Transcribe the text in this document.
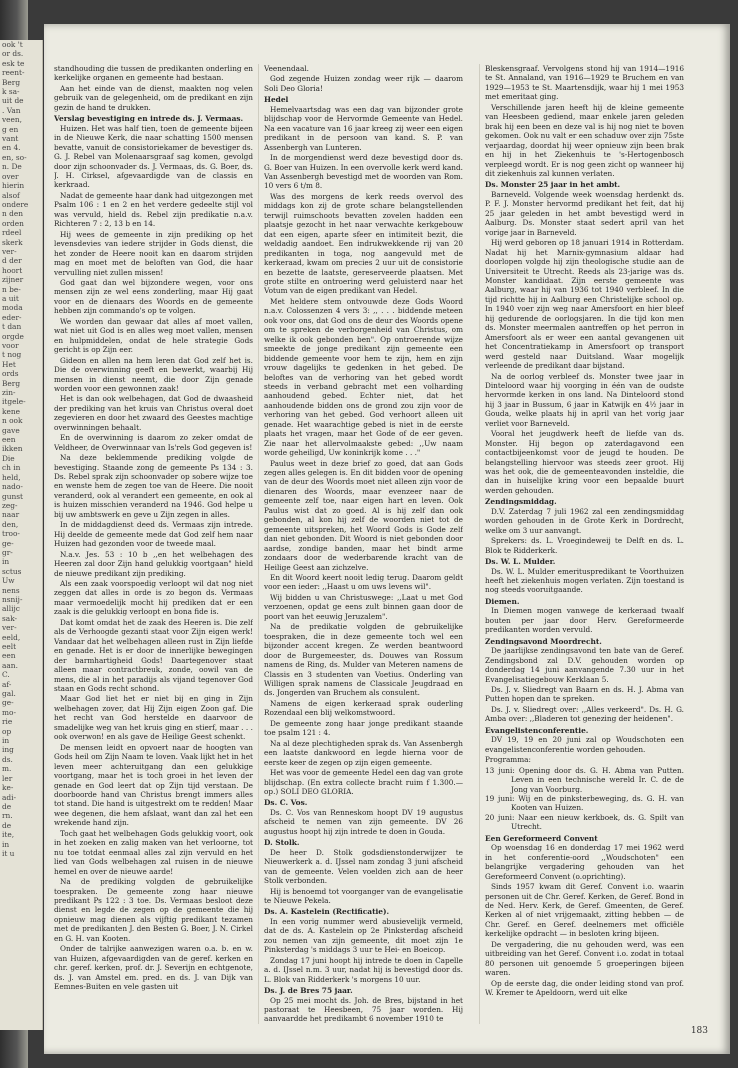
ook 't
or ds.
esk te
reent-
Berg
k sa-
uit de
. Van
veen,
g en
vant
en 4.
en, so-
n. De
over
hierin
alsof
ondere
n den
orden
rdeel
skerk
ver-
d der
hoort
zijner
n be-
a uit
moda
eder-
t dan
orgde
voor
t nog
Het
ords
Berg
zin-
itgele-
kene
n ook
gave
een
ikken
Die
ch in
held,
nado-
gunst
zeg-
naar
den,
troo-
ge-
gr-
in
sctus
Uw
nens
nsnij-
allijc
sak-
ver-
eeld,
eelt
een
aan.
C.
af-
gal.
ge-
mo-
rie
op
in
ing
ds.
m.
ler
ke-
adi-
de
rn.
de
ite,
in
it u

standhouding die tussen de predikanten onderling en kerkelijke organen en gemeente had bestaan.

Aan het einde van de dienst, maakten nog velen gebruik van de gelegenheid, om de predikant en zijn gezin de hand te drukken.

Verslag bevestiging en intrede ds. J. Vermaas.

Huizen. Het was half tien, toen de gemeente bijeen in de Nieuwe Kerk, die naar schatting 1500 mensen bevatte, vanuit de consistoriekamer de bevestiger ds. G. J. Rebel van Molenaarsgraaf sag komen, gevolgd door zijn schoonvader ds. J. Vermaas, ds. G. Boer, ds. J. H. Cirksel, afgevaardigde van de classis en kerkraad.

Nadat de gemeente haar dank had uitgezongen met Psalm 106 : 1 en 2 en het verdere gedeelte stijl vol was vervuld, hield ds. Rebel zijn predikatie n.a.v. Richteren 7 : 2, 13 b en 14.

Hij wees de gemeente in zijn prediking op het levensdevies van iedere strijder in Gods dienst, die het zonder de Heere nooit kan en daarom strijden mag en moet met de beloften van God, die haar vervulling niet zullen missen!

God gaat dan wel bijzondere wegen, voor ons mensen zijn ze wel eens zonderling, maar Hij gaat voor en de dienaars des Woords en de gemeente hebben zijn commando's op te volgen.

We worden dan gewaar dat alles af moet vallen, wat niet uit God is en alles weg moet vallen, mensen en hulpmiddelen, ondat de hele strategie Gods gericht is op Zijn eer.

Gideon en allen na hem leren dat God zelf het is. Die de overwinning geeft en bewerkt, waarbij Hij mensen in dienst neemt, die door Zijn genade worden voor een gewonnen zaak!

Het is dan ook welbehagen, dat God de dwaasheid der prediking van het kruis van Christus overal doet zegevieren en door het zwaard des Geestes machtige overwinningen behaalt.

En de overwinning is daarom zo zeker omdat de Veldheer, de Overwinnaar van Is'rels God gegeven is!

Na deze beklemmende prediking volgde de bevestiging. Staande zong de gemeente Ps 134 : 3. Ds. Rebel sprak zijn schoonvader op sobere wijze toe en wenste hem de zegen toe van de Heere. Die nooit veranderd, ook al verandert een gemeente, en ook al is huizen misschien veranderd na 1946. God helpe u bij uw ambtswerk en geve u Zijn zegen in alles.

In de middagdienst deed ds. Vermaas zijn intrede. Hij deelde de gemeente mede dat God zelf hem naar Huizen had gezonden voor de tweede maal.

N.a.v. Jes. 53 : 10 b ,,en het welbehagen des Heeren zal door Zijn hand gelukkig voortgaan" hield de nieuwe predikant zijn prediking.

Als een zaak voorspoedig verloopt wil dat nog niet zeggen dat alles in orde is zo begon ds. Vermaas maar vermoedelijk mocht hij prediken dat er een zaak is die gelukkig verloopt en bona fide is.

Dat komt omdat het de zaak des Heeren is. Die zelf als de Verhoogde gezanti staat voor Zijn eigen werk! Vandaar dat het welbehagen alleen rust in Zijn liefde en genade. Het is er door de innerlijke bewegingen der barmhartigheid Gods! Daartegenover staat alleen maar contractbreuk, zonde, oowil van de mens, die al in het paradijs als vijand tegenover God staan en Gods recht schond.

Maar God liet het er niet bij en ging in Zijn welbehagen zover, dat Hij Zijn eigen Zoon gaf. Die het recht van God herstelde en daarvoor de smadelijke weg van het kruis ging en stierf, maar . . . ook overwon! en als gave de Heilige Geest schenkt.

De mensen leidt en opvoert naar de hoogten van Gods heil om Zijn Naam te loven. Vaak lijkt het in het leven meer achteruitgang dan een gelukkige voortgang, maar het is toch groei in het leven der genade en God leert dat op Zijn tijd verstaan. De doorboorde hand van Christus brengt immers alles tot stand. Die hand is uitgestrekt om te redden! Maar wee degenen, die hem afslaat, want dan zal het een wrekende hand zijn.

Toch gaat het welbehagen Gods gelukkig voort, ook in het zoeken en zalig maken van het verloorne, tot nu toe totdat eenmaal alles zal zijn vervuld en het lied van Gods welbehagen zal ruisen in de nieuwe hemel en over de nieuwe aarde!

Na de prediking volgden de gebruikelijke toespraken. De gemeente zong haar nieuwe predikant Ps 122 : 3 toe. Ds. Vermaas besloot deze dienst en legde de zegen op de gemeente die hij opnieuw mag dienen als vijftig predikant tezamen met de predikanten J. den Besten G. Boer, J. N. Cirkel en G. H. van Kooten.

Onder de talrijke aanwezigen waren o.a. b. en w. van Huizen, afgevaardigden van de geref. kerken en chr. geref. kerken, prof. dr. J. Severijn en echtgenote, ds. J. van Amstel em. pred. en ds. J. van Dijk van Eemnes-Buiten en vele gasten uit

Veenendaal.

God zegende Huizen zondag weer rijk — daarom Soli Deo Gloria!

Hedel

Hemelvaartsdag was een dag van bijzonder grote blijdschap voor de Hervormde Gemeente van Hedel. Na een vacature van 16 jaar kreeg zij weer een eigen predikant in de persoon van kand. S. P. van Assenbergh van Lunteren.

In de morgendienst werd deze bevestigd door ds. G. Boer van Huizen. In een overvolle kerk werd kand. Van Assenbergh bevestigd met de woorden van Rom. 10 vers 6 t/m 8.

Was des morgens de kerk reeds overvol des middags kon zij de grote schare belangstellenden terwijl ruimschoots bevatten zovelen hadden een plaatsje gezocht in het naar verwachte kerkgebouw dat een eigen, aparte sfeer en intimiteit bezit, die weldadig aandoet. Een indrukwekkende rij van 20 predikanten in toga, nog aangevuld met de kerkeraad, kwam om precies 2 uur uit de consistorie en bezette de laatste, gereserveerde plaatsen. Met grote stilte en ontroering werd geluisterd naar het Votum van de eigen predikant van Hedel.

Met heldere stem ontvouwde deze Gods Woord n.a.v. Colossenzen 4 vers 3: ,, . . . biddende meteen ook voor ons, dat God ons de deur des Woords opene om te spreken de verborgenheid van Christus, om welke ik ook gebonden ben". Op ontroerende wijze smeekte de jonge predikant zijn gemeente een biddende gemeente voor hem te zijn, hem en zijn vrouw dagelijks te gedenken in het gebed. De beloftes van de verhoring van het gebed wordt steeds in verband gebracht met een volharding aanhoudend gebed. Echter niet, dat het aanhoudende bidden ons de grond zou zijn voor de verhoring van het gebed. God verhoort alleen uit genade. Het waarachtige gebed is niet in de eerste plaats het vragen, maar het Gode of de eer geven. Zie naar het allervolmaakste gebed: ,,Uw naam worde geheiligd, Uw koninkrijk kome . . ."

Paulus weet in deze brief zo goed, dat aan Gods zegen alles gelegen is. En dit bidden voor de opening van de deur des Woords moet niet alleen zijn voor de dienaren des Woords, maar evenzeer naar de gemeente zelf toe, naar eigen hart en leven. Ook Paulus wist dat zo goed. Al is hij zelf dan ook gebonden, al kon hij zelf de woorden niet tot de gemeente uitspreken, het Woord Gods is Gode zelf dan niet gebonden. Dit Woord is niet gebonden door aardse, zondige banden, maar het bindt arme zondaars door de wederbarende kracht van de Heilige Geest aan zichzelve.

En dit Woord keert nooit ledig terug. Daarom geldt voor een ieder: ,,Haast u om uws levens wil".

Wij bidden u van Christuswege: ,,Laat u met God verzoenen, opdat ge eens zult binnen gaan door de poort van het eeuwig Jeruzalem".

Na de predikatie volgden de gebruikelijke toespraken, die in deze gemeente toch wel een bijzonder accent kregen. Ze werden beantwoord door de Burgemeester, ds. Douwes van Rossum namens de Ring, ds. Mulder van Meteren namens de Classis en 3 studenten van Voetius. Onderling van Willigen sprak namens de Classicale Jeugdraad en ds. Jongerden van Bruchem als consulent.

Namens de eigen kerkeraad sprak ouderling Rozendaal een blij welkomstwoord.

De gemeente zong haar jonge predikant staande toe psalm 121 : 4.

Na al deze plechtigheden sprak ds. Van Assenbergh een laatste dankwoord en legde hierna voor de eerste keer de zegen op zijn eigen gemeente.

Het was voor de gemeente Hedel een dag van grote blijdschap. (En extra collecte bracht ruim f 1.300.— op.) SOLI DEO GLORIA.

Ds. C. Vos.

Ds. C. Vos van Renneskom hoopt DV 19 augustus afscheid te nemen van zijn gemeente. DV 26 augustus hoopt hij zijn intrede te doen in Gouda.

D. Stolk.

De heer D. Stolk godsdienstonderwijzer te Nieuwerkerk a. d. IJssel nam zondag 3 juni afscheid van de gemeente. Velen voelden zich aan de heer Stolk verbonden.

Hij is benoemd tot voorganger van de evangelisatie te Nieuwe Pekela.

Ds. A. Kastelein (Rectificatie).

In een vorig nummer werd abusievelijk vermeld, dat de ds. A. Kastelein op 2e Pinksterdag afscheid zou nemen van zijn gemeente, dit moet zijn 1e Pinksterdag 's middags 3 uur te Hei- en Boeicop.

Zondag 17 juni hoopt hij intrede te doen in Capelle a. d. IJssel n.m. 3 uur, nadat hij is bevestigd door ds. L. Blok van Ridderkerk 's morgens 10 uur.

Ds. J. de Bres 75 jaar.

Op 25 mei mocht ds. Joh. de Bres, bijstand in het pastoraat te Heesbeen, 75 jaar worden. Hij aanvaardde het predikambt 6 november 1910 te

Bleskensgraaf. Vervolgens stond hij van 1914—1916 te St. Annaland, van 1916—1929 te Bruchem en van 1929—1953 te St. Maartensdijk, waar hij 1 mei 1953 met emeritaat ging.

Verschillende jaren heeft hij de kleine gemeente van Heesbeen gediend, maar enkele jaren geleden brak hij een been en deze val is hij nog niet te boven gekomen. Ook nu valt er een schaduw over zijn 75ste verjaardag, doordat hij weer opnieuw zijn been brak en hij in het Ziekenhuis te 's-Hertogenbosch verpleegd wordt. Er is nog geen zicht op wanneer hij dit ziekenhuis zal kunnen verlaten.

Ds. Monster 25 jaar in het ambt.

Barneveld. Volgende week woensdag herdenkt ds. P. F. J. Monster hervormd predikant het feit, dat hij 25 jaar geleden in het ambt bevestigd werd in Aalburg. Ds. Monster staat sedert april van het vorige jaar in Barneveld.

Hij werd geboren op 18 januari 1914 in Rotterdam. Nadat hij het Marnix-gymnasium aldaar had doorlopen volgde hij zijn theologische studie aan de Universiteit te Utrecht. Reeds als 23-jarige was ds. Monster kandidaat. Zijn eerste gemeente was Aalburg, waar hij van 1936 tot 1940 verbleef. In die tijd richtte hij in Aalburg een Christelijke school op. In 1940 voer zijn weg naar Amersfoort en hier bleef hij gedurende de oorlogsjaren. In die tijd kon men ds. Monster meermalen aantreffen op het perron in Amersfoort als er weer een aantal gevangenen uit het Concentratiekamp in Amersfoort op transport werd gesteld naar Duitsland. Waar mogelijk verleende de predikant daar bijstand.

Na de oorlog verbleef ds. Monster twee jaar in Dinteloord waar hij voorging in één van de oudste hervormde kerken in ons land. Na Dinteloord stond hij 3 jaar in Bussum, 6 jaar in Katwijk en 4½ jaar in Gouda, welke plaats hij in april van het vorig jaar verliet voor Barneveld.

Vooral het jeugdwerk heeft de liefde van ds. Monster. Hij begon op zaterdagavond een contactbijeenkomst voor de jeugd te houden. De belangstelling hiervoor was steeds zeer groot. Hij was het ook, die de gemeenteavonden insteldie, die dan in huiselijke kring voor een bepaalde buurt werden gehouden.

Zendingsmiddag.

D.V. Zaterdag 7 juli 1962 zal een zendingsmiddag worden gehouden in de Grote Kerk in Dordrecht, welke om 3 uur aanvangt.

Sprekers: ds. L. Vroegindeweij te Delft en ds. L. Blok te Ridderkerk.

Ds. W. L. Mulder.

Ds. W. L. Mulder emerituspredikant te Voorthuizen heeft het ziekenhuis mogen verlaten. Zijn toestand is nog steeds vooruitgaande.

Diemen.

In Diemen mogen vanwege de kerkeraad twaalf bouten per jaar door Herv. Gereformeerde predikanten worden vervuld.

Zendingsavond Moordrecht.

De jaarlijkse zendingsavond ten bate van de Geref. Zendingsbond zal D.V. gehouden worden op donderdag 14 juni aanvangende 7.30 uur in het Evangelisatiegebouw Kerklaan 5.

Ds. J. v. Sliedregt van Baarn en ds. H. J. Abma van Putten hopen dan te spreken.

Ds. J. v. Sliedregt over: ,,Alles verkeerd". Ds. H. G. Amba over: ,,Bladeren tot genezing der heidenen".

Evangelistenconferentie.

DV 19, 19 en 20 juni zal op Woudschoten een evangelistenconferentie worden gehouden.

Programma:

13 juni: Opening door ds. G. H. Abma van Putten. Leven in een technische wereld Ir. C. de de Jong van Voorburg.

19 juni: Wij en de pinksterbeweging, ds. G. H. van Kooten van Huizen.

20 juni: Naar een nieuw kerkboek, ds. G. Spilt van Utrecht.

Een Gereformeerd Convent

Op woensdag 16 en donderdag 17 mei 1962 werd in het conferentie-oord ,,Woudschoten" een belangrijke vergadering gehouden van het Gereformeerd Convent (o.oprichting).

Sinds 1957 kwam dit Geref. Convent i.o. waarin personen uit de Chr. Geref. Kerken, de Geref. Bond in de Ned. Herv. Kerk, de Geref. Gmeenten, de Geref. Kerken al of niet vrijgemaakt, zitting hebben — de Chr. Geref. en Geref. deelnemers met officiële kerkelijke opdracht — in besloten kring bijeen.

De vergadering, die nu gehouden werd, was een uitbreiding van het Geref. Convent i.o. zodat in totaal 80 personen uit genoemde 5 groeperingen bijeen waren.

Op de eerste dag, die onder leiding stond van prof. W. Kremer te Apeldoorn, werd uit elke

183
